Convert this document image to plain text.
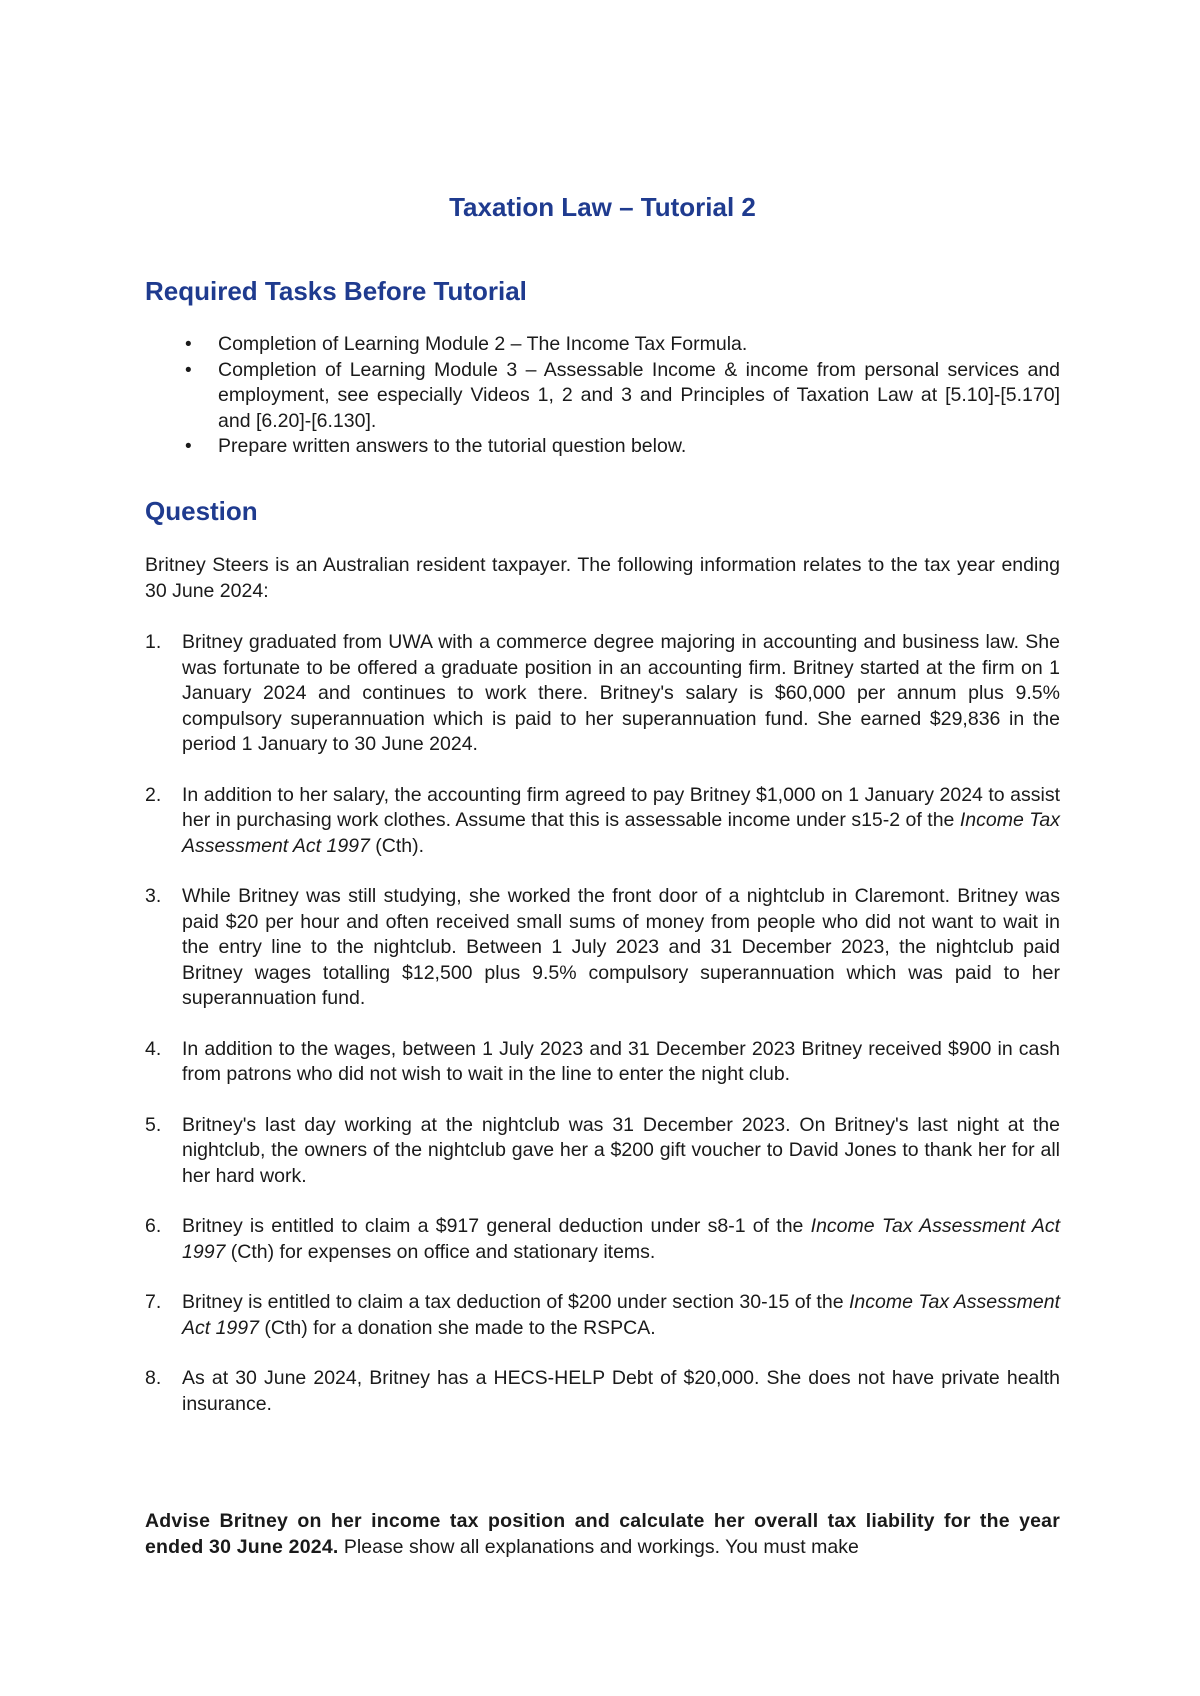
Taxation Law – Tutorial 2
Required Tasks Before Tutorial
• Completion of Learning Module 2 – The Income Tax Formula.
• Completion of Learning Module 3 – Assessable Income & income from personal services and employment, see especially Videos 1, 2 and 3 and Principles of Taxation Law at [5.10]-[5.170] and [6.20]-[6.130].
• Prepare written answers to the tutorial question below.
Question

Britney Steers is an Australian resident taxpayer. The following information relates to the tax year ending 30 June 2024:

1. Britney graduated from UWA with a commerce degree majoring in accounting and business law. She was fortunate to be offered a graduate position in an accounting firm. Britney started at the firm on 1 January 2024 and continues to work there. Britney's salary is $60,000 per annum plus 9.5% compulsory superannuation which is paid to her superannuation fund. She earned $29,836 in the period 1 January to 30 June 2024.
2. In addition to her salary, the accounting firm agreed to pay Britney $1,000 on 1 January 2024 to assist her in purchasing work clothes. Assume that this is assessable income under s15-2 of the Income Tax Assessment Act 1997 (Cth).
3. While Britney was still studying, she worked the front door of a nightclub in Claremont. Britney was paid $20 per hour and often received small sums of money from people who did not want to wait in the entry line to the nightclub. Between 1 July 2023 and 31 December 2023, the nightclub paid Britney wages totalling $12,500 plus 9.5% compulsory superannuation which was paid to her superannuation fund.
4. In addition to the wages, between 1 July 2023 and 31 December 2023 Britney received $900 in cash from patrons who did not wish to wait in the line to enter the night club.
5. Britney's last day working at the nightclub was 31 December 2023. On Britney's last night at the nightclub, the owners of the nightclub gave her a $200 gift voucher to David Jones to thank her for all her hard work.
6. Britney is entitled to claim a $917 general deduction under s8-1 of the Income Tax Assessment Act 1997 (Cth) for expenses on office and stationary items.
7. Britney is entitled to claim a tax deduction of $200 under section 30-15 of the Income Tax Assessment Act 1997 (Cth) for a donation she made to the RSPCA.
8. As at 30 June 2024, Britney has a HECS-HELP Debt of $20,000. She does not have private health insurance.

Advise Britney on her income tax position and calculate her overall tax liability for the year ended 30 June 2024. Please show all explanations and workings. You must make
